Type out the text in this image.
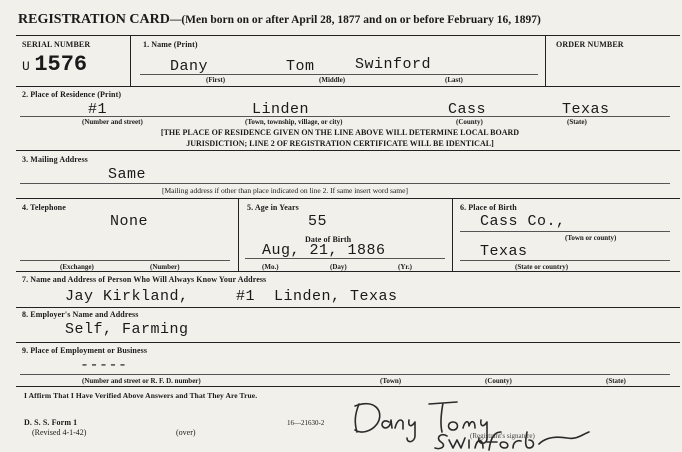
REGISTRATION CARD—(Men born on or after April 28, 1877 and on or before February 16, 1897)
SERIAL NUMBER
U 1576
1. Name (Print)
Dany	Tom	Swinford
(First)	(Middle)	(Last)
ORDER NUMBER
2. Place of Residence (Print)
#1	Linden	Cass	Texas
(Number and street)	(Town, township, village, or city)	(County)	(State)
[THE PLACE OF RESIDENCE GIVEN ON THE LINE ABOVE WILL DETERMINE LOCAL BOARD
JURISDICTION; LINE 2 OF REGISTRATION CERTIFICATE WILL BE IDENTICAL]
3. Mailing Address
Same
[Mailing address if other than place indicated on line 2. If same insert word same]
4. Telephone
None
(Exchange)	(Number)
5. Age in Years
55
Date of Birth
Aug, 21, 1886
(Mo.)	(Day)	(Yr.)
6. Place of Birth
Cass Co.,
(Town or county)
Texas
(State or country)
7. Name and Address of Person Who Will Always Know Your Address
Jay Kirkland,     #1  Linden, Texas
8. Employer's Name and Address
Self, Farming
9. Place of Employment or Business
-----
(Number and street or R. F. D. number)	(Town)	(County)	(State)
I Affirm That I Have Verified Above Answers and That They Are True.
D. S. S. Form 1
(Revised 4-1-42)	(over)
16—21630-2
(Registrant's signature)
